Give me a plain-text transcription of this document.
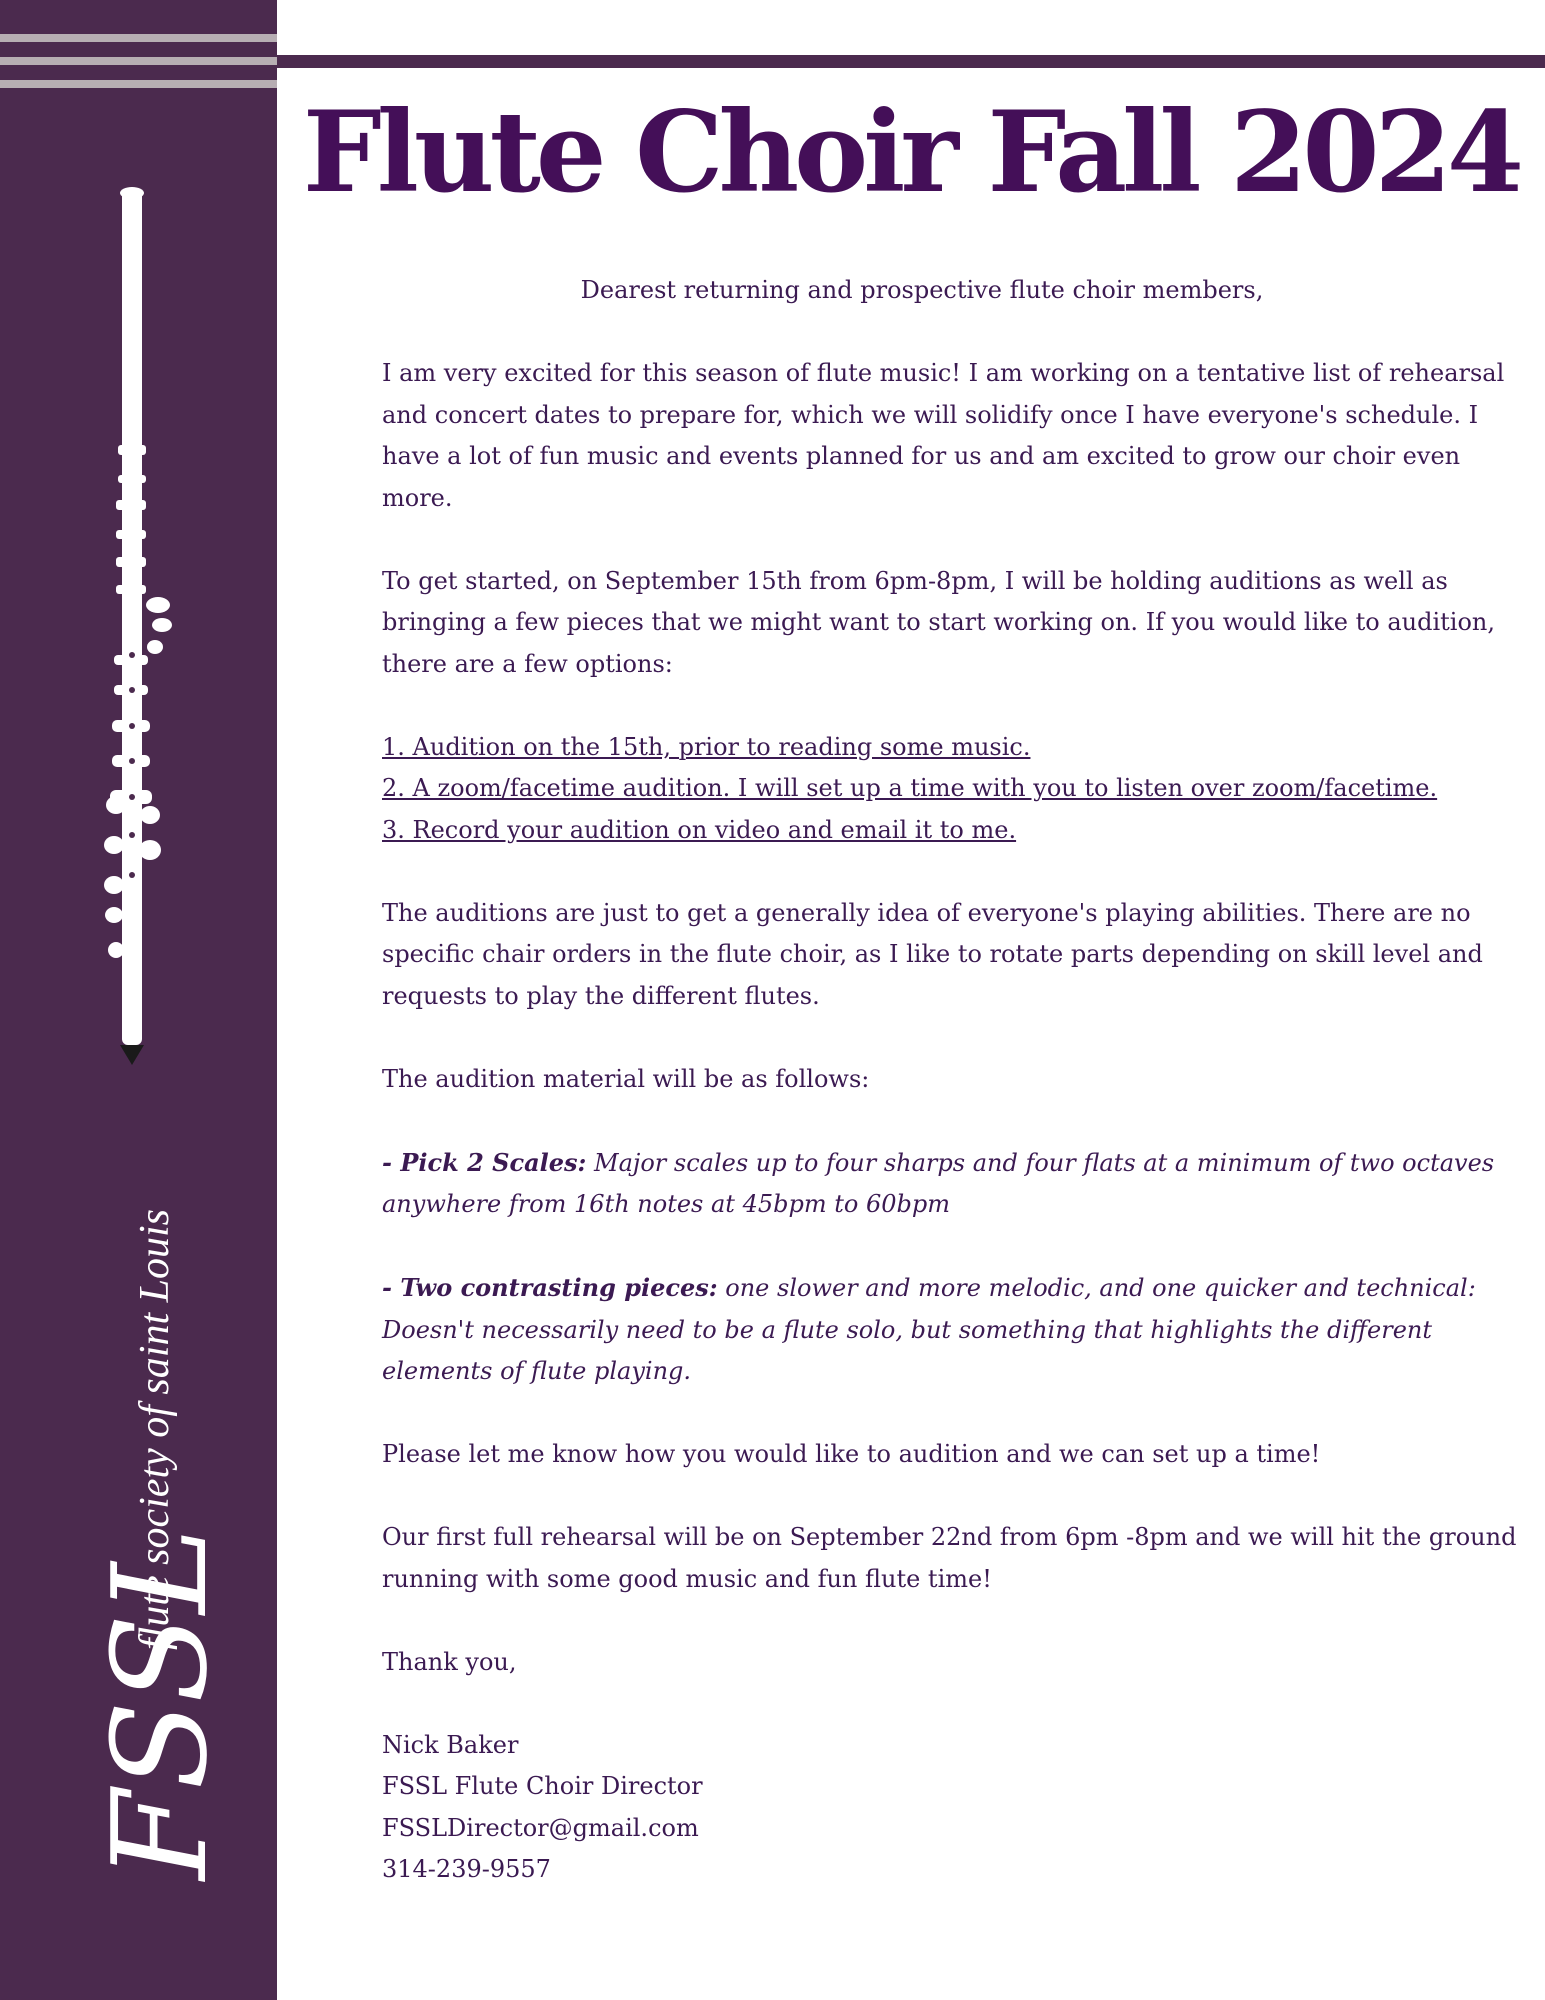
flute society of saint Louis
FSSL
Flute Choir Fall 2024

Dearest returning and prospective flute choir members,

I am very excited for this season of flute music! I am working on a tentative list of rehearsal and concert dates to prepare for, which we will solidify once I have everyone's schedule. I have a lot of fun music and events planned for us and am excited to grow our choir even more.

To get started, on September 15th from 6pm-8pm, I will be holding auditions as well as bringing a few pieces that we might want to start working on. If you would like to audition, there are a few options:

1. Audition on the 15th, prior to reading some music.

2. A zoom/facetime audition. I will set up a time with you to listen over zoom/facetime.

3. Record your audition on video and email it to me.

The auditions are just to get a generally idea of everyone's playing abilities. There are no specific chair orders in the flute choir, as I like to rotate parts depending on skill level and requests to play the different flutes.

The audition material will be as follows:

- Pick 2 Scales: Major scales up to four sharps and four flats at a minimum of two octaves anywhere from 16th notes at 45bpm to 60bpm

- Two contrasting pieces: one slower and more melodic, and one quicker and technical: Doesn't necessarily need to be a flute solo, but something that highlights the different elements of flute playing.

Please let me know how you would like to audition and we can set up a time!

Our first full rehearsal will be on September 22nd from 6pm -8pm and we will hit the ground running with some good music and fun flute time!

Thank you,

Nick Baker

FSSL Flute Choir Director

FSSLDirector@gmail.com

314-239-9557
